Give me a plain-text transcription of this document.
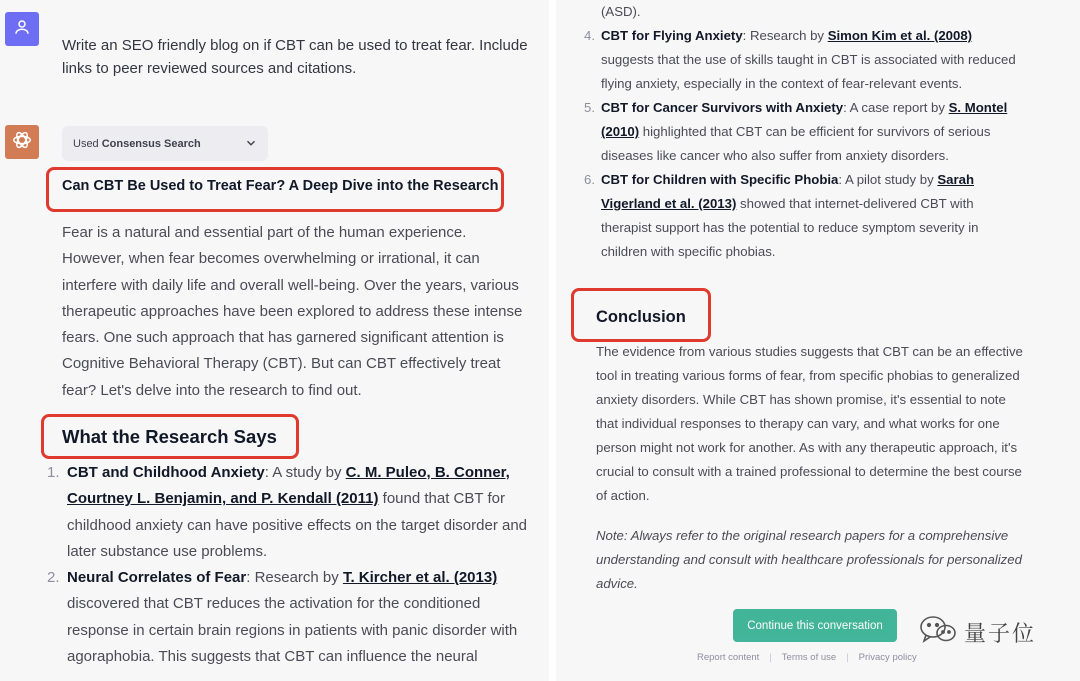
Write an SEO friendly blog on if CBT can be used to treat fear. Include links to peer reviewed sources and citations.
Used Consensus Search
Can CBT Be Used to Treat Fear? A Deep Dive into the Research
Fear is a natural and essential part of the human experience. However, when fear becomes overwhelming or irrational, it can interfere with daily life and overall well-being. Over the years, various therapeutic approaches have been explored to address these intense fears. One such approach that has garnered significant attention is Cognitive Behavioral Therapy (CBT). But can CBT effectively treat fear? Let's delve into the research to find out.
What the Research Says
1. CBT and Childhood Anxiety: A study by C. M. Puleo, B. Conner, Courtney L. Benjamin, and P. Kendall (2011) found that CBT for childhood anxiety can have positive effects on the target disorder and later substance use problems.
2. Neural Correlates of Fear: Research by T. Kircher et al. (2013) discovered that CBT reduces the activation for the conditioned response in certain brain regions in patients with panic disorder with agoraphobia. This suggests that CBT can influence the neural
(ASD).
4. CBT for Flying Anxiety: Research by Simon Kim et al. (2008) suggests that the use of skills taught in CBT is associated with reduced flying anxiety, especially in the context of fear-relevant events.
5. CBT for Cancer Survivors with Anxiety: A case report by S. Montel (2010) highlighted that CBT can be efficient for survivors of serious diseases like cancer who also suffer from anxiety disorders.
6. CBT for Children with Specific Phobia: A pilot study by Sarah Vigerland et al. (2013) showed that internet-delivered CBT with therapist support has the potential to reduce symptom severity in children with specific phobias.
Conclusion
The evidence from various studies suggests that CBT can be an effective tool in treating various forms of fear, from specific phobias to generalized anxiety disorders. While CBT has shown promise, it's essential to note that individual responses to therapy can vary, and what works for one person might not work for another. As with any therapeutic approach, it's crucial to consult with a trained professional to determine the best course of action.
Note: Always refer to the original research papers for a comprehensive understanding and consult with healthcare professionals for personalized advice.
Continue this conversation
Report content | Terms of use | Privacy policy
量子位
